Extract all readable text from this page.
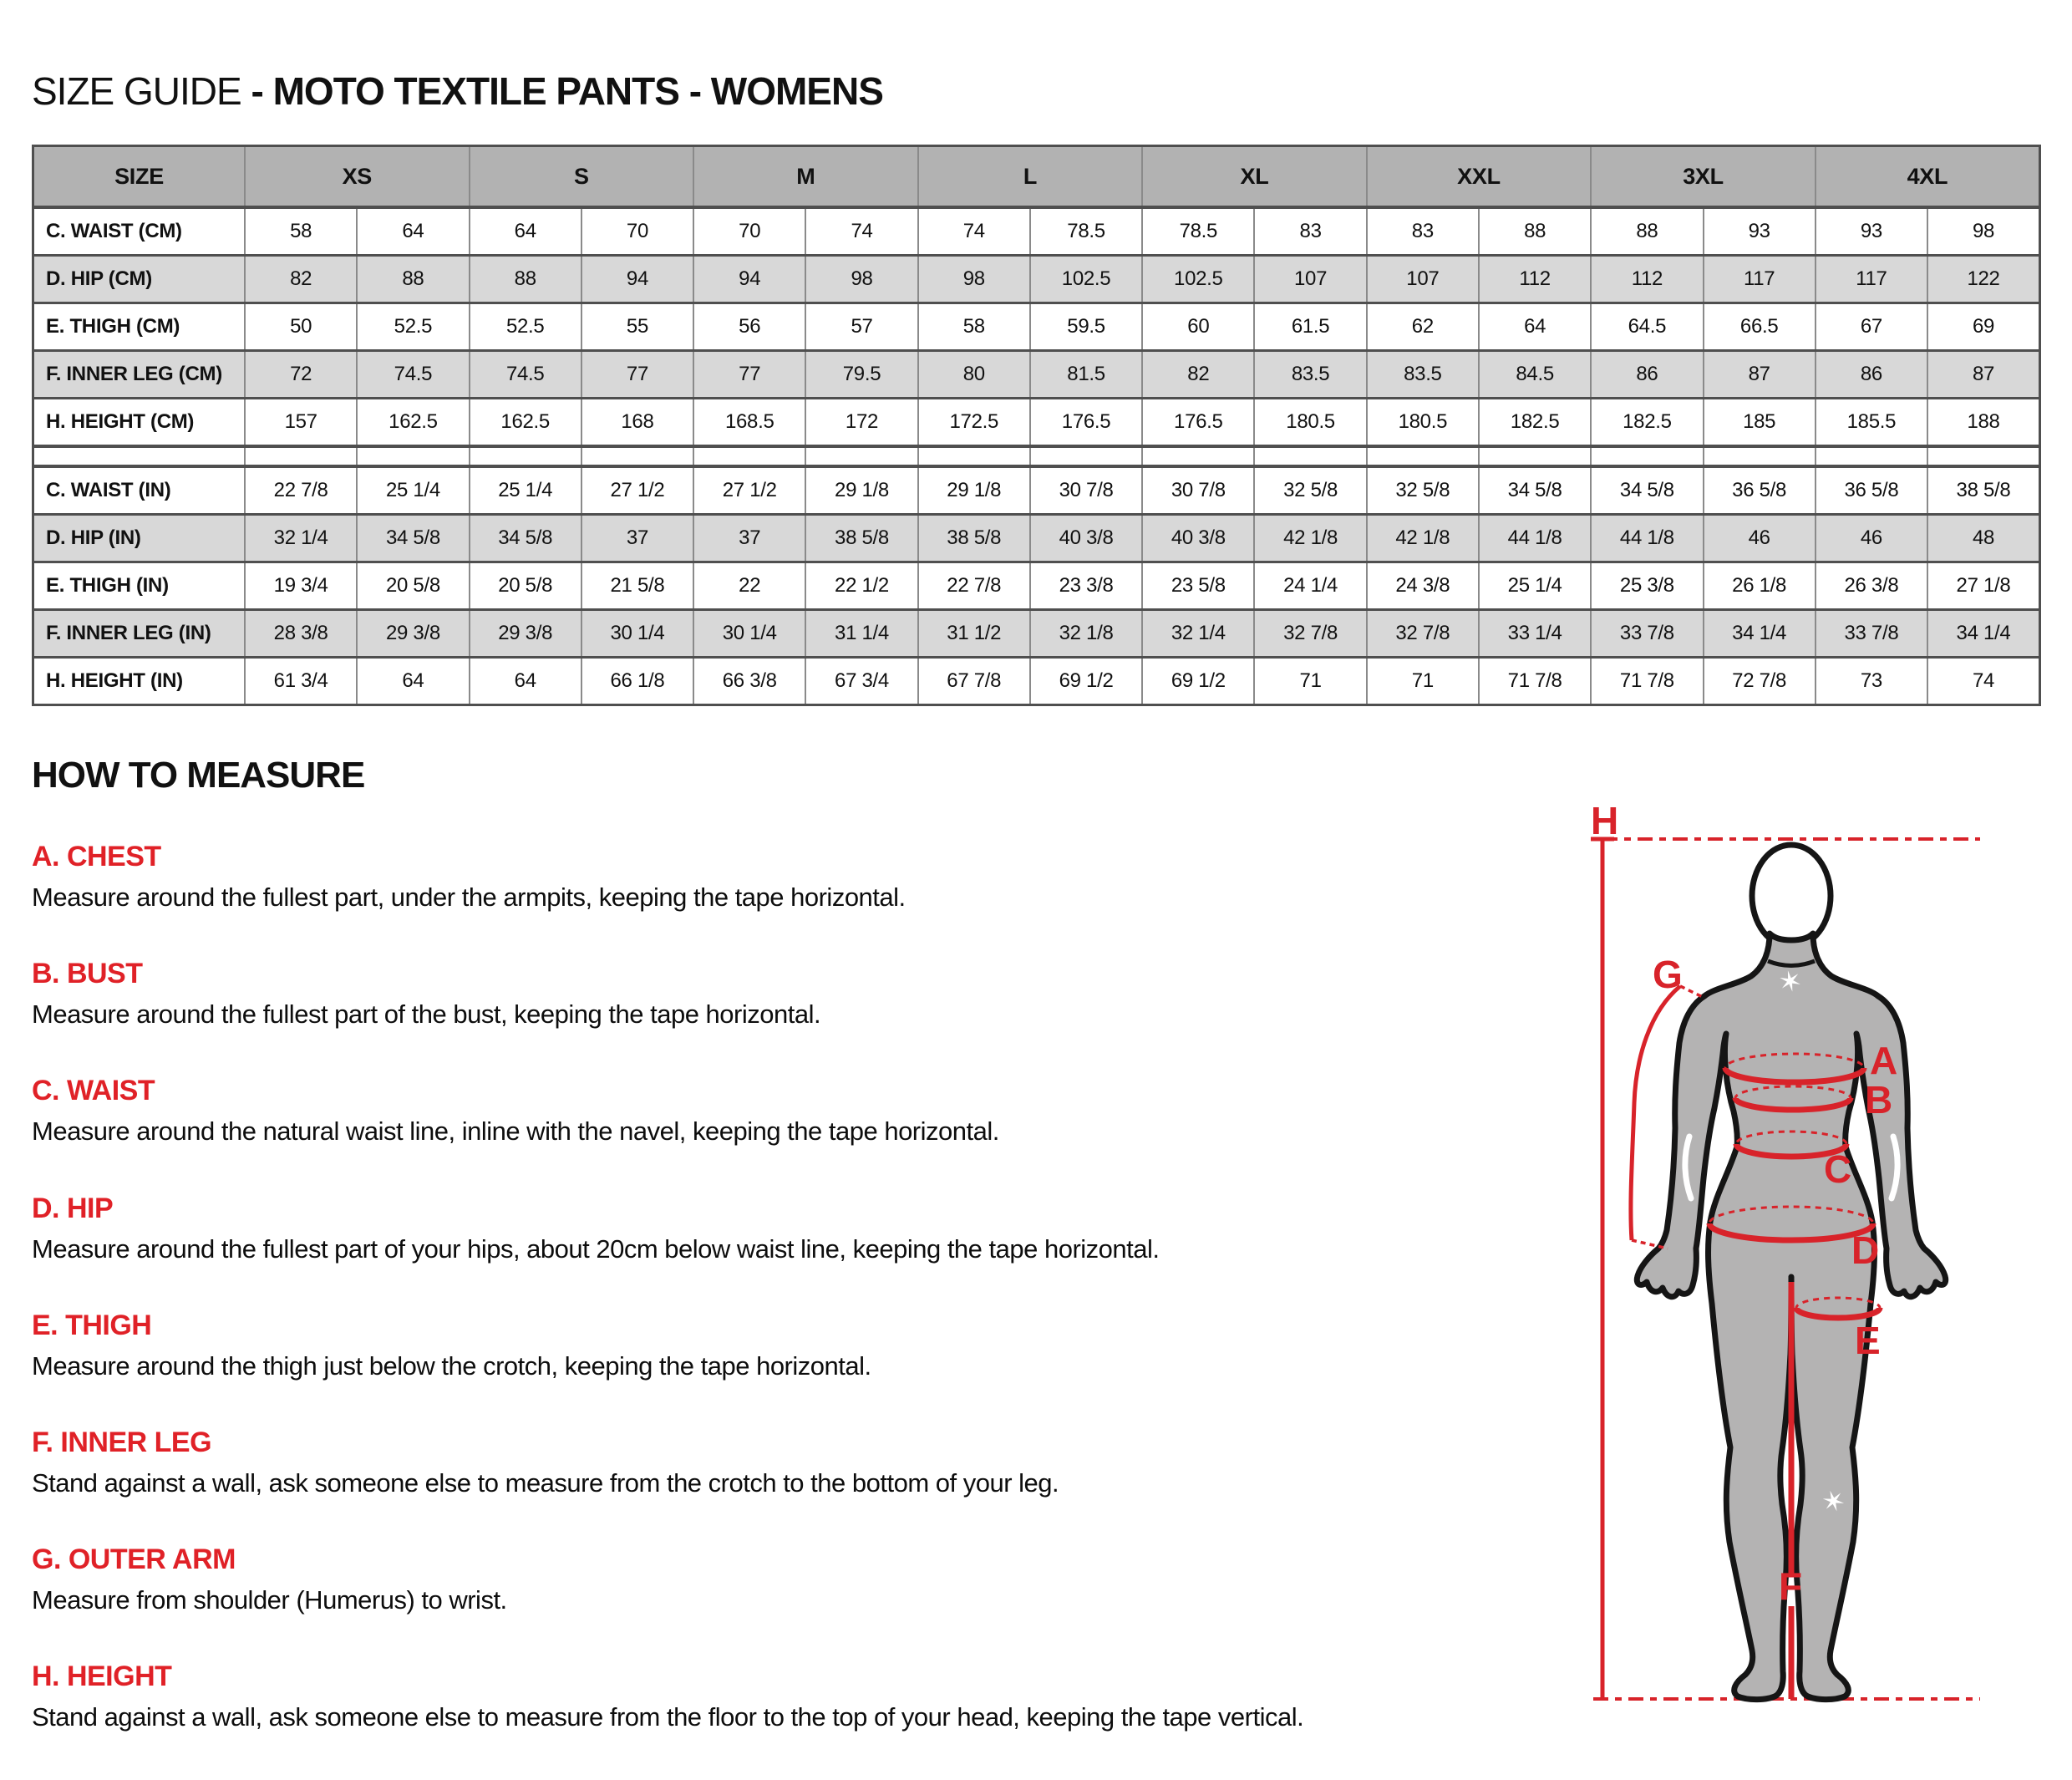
SIZE GUIDE - MOTO TEXTILE PANTS - WOMENS
SIZE	XS		S		M		L		XL		XXL		3XL		4XL	
C. WAIST (CM)	58	64	64	70	70	74	74	78.5	78.5	83	83	88	88	93	93	98
D. HIP (CM)	82	88	88	94	94	98	98	102.5	102.5	107	107	112	112	117	117	122
E. THIGH (CM)	50	52.5	52.5	55	56	57	58	59.5	60	61.5	62	64	64.5	66.5	67	69
F. INNER LEG (CM)	72	74.5	74.5	77	77	79.5	80	81.5	82	83.5	83.5	84.5	86	87	86	87
H. HEIGHT (CM)	157	162.5	162.5	168	168.5	172	172.5	176.5	176.5	180.5	180.5	182.5	182.5	185	185.5	188

C. WAIST (IN)	22 7/8	25 1/4	25 1/4	27 1/2	27 1/2	29 1/8	29 1/8	30 7/8	30 7/8	32 5/8	32 5/8	34 5/8	34 5/8	36 5/8	36 5/8	38 5/8
D. HIP (IN)	32 1/4	34 5/8	34 5/8	37	37	38 5/8	38 5/8	40 3/8	40 3/8	42 1/8	42 1/8	44 1/8	44 1/8	46	46	48
E. THIGH (IN)	19 3/4	20 5/8	20 5/8	21 5/8	22	22 1/2	22 7/8	23 3/8	23 5/8	24 1/4	24 3/8	25 1/4	25 3/8	26 1/8	26 3/8	27 1/8
F. INNER LEG (IN)	28 3/8	29 3/8	29 3/8	30 1/4	30 1/4	31 1/4	31 1/2	32 1/8	32 1/4	32 7/8	32 7/8	33 1/4	33 7/8	34 1/4	33 7/8	34 1/4
H. HEIGHT (IN)	61 3/4	64	64	66 1/8	66 3/8	67 3/4	67 7/8	69 1/2	69 1/2	71	71	71 7/8	71 7/8	72 7/8	73	74
HOW TO MEASURE
A. CHEST

Measure around the fullest part, under the armpits, keeping the tape horizontal.

B. BUST

Measure around the fullest part of the bust, keeping the tape horizontal.

C. WAIST

Measure around the natural waist line, inline with the navel, keeping the tape horizontal.

D. HIP

Measure around the fullest part of your hips, about 20cm below waist line, keeping the tape horizontal.

E. THIGH

Measure around the thigh just below the crotch, keeping the tape horizontal.

F. INNER LEG

Stand against a wall, ask someone else to measure from the crotch to the bottom of your leg.

G. OUTER ARM

Measure from shoulder (Humerus) to wrist.

H. HEIGHT

Stand against a wall, ask someone else to measure from the floor to the top of your head, keeping the tape vertical.

✶
✶
H
G
A
B
C
D
E
F
